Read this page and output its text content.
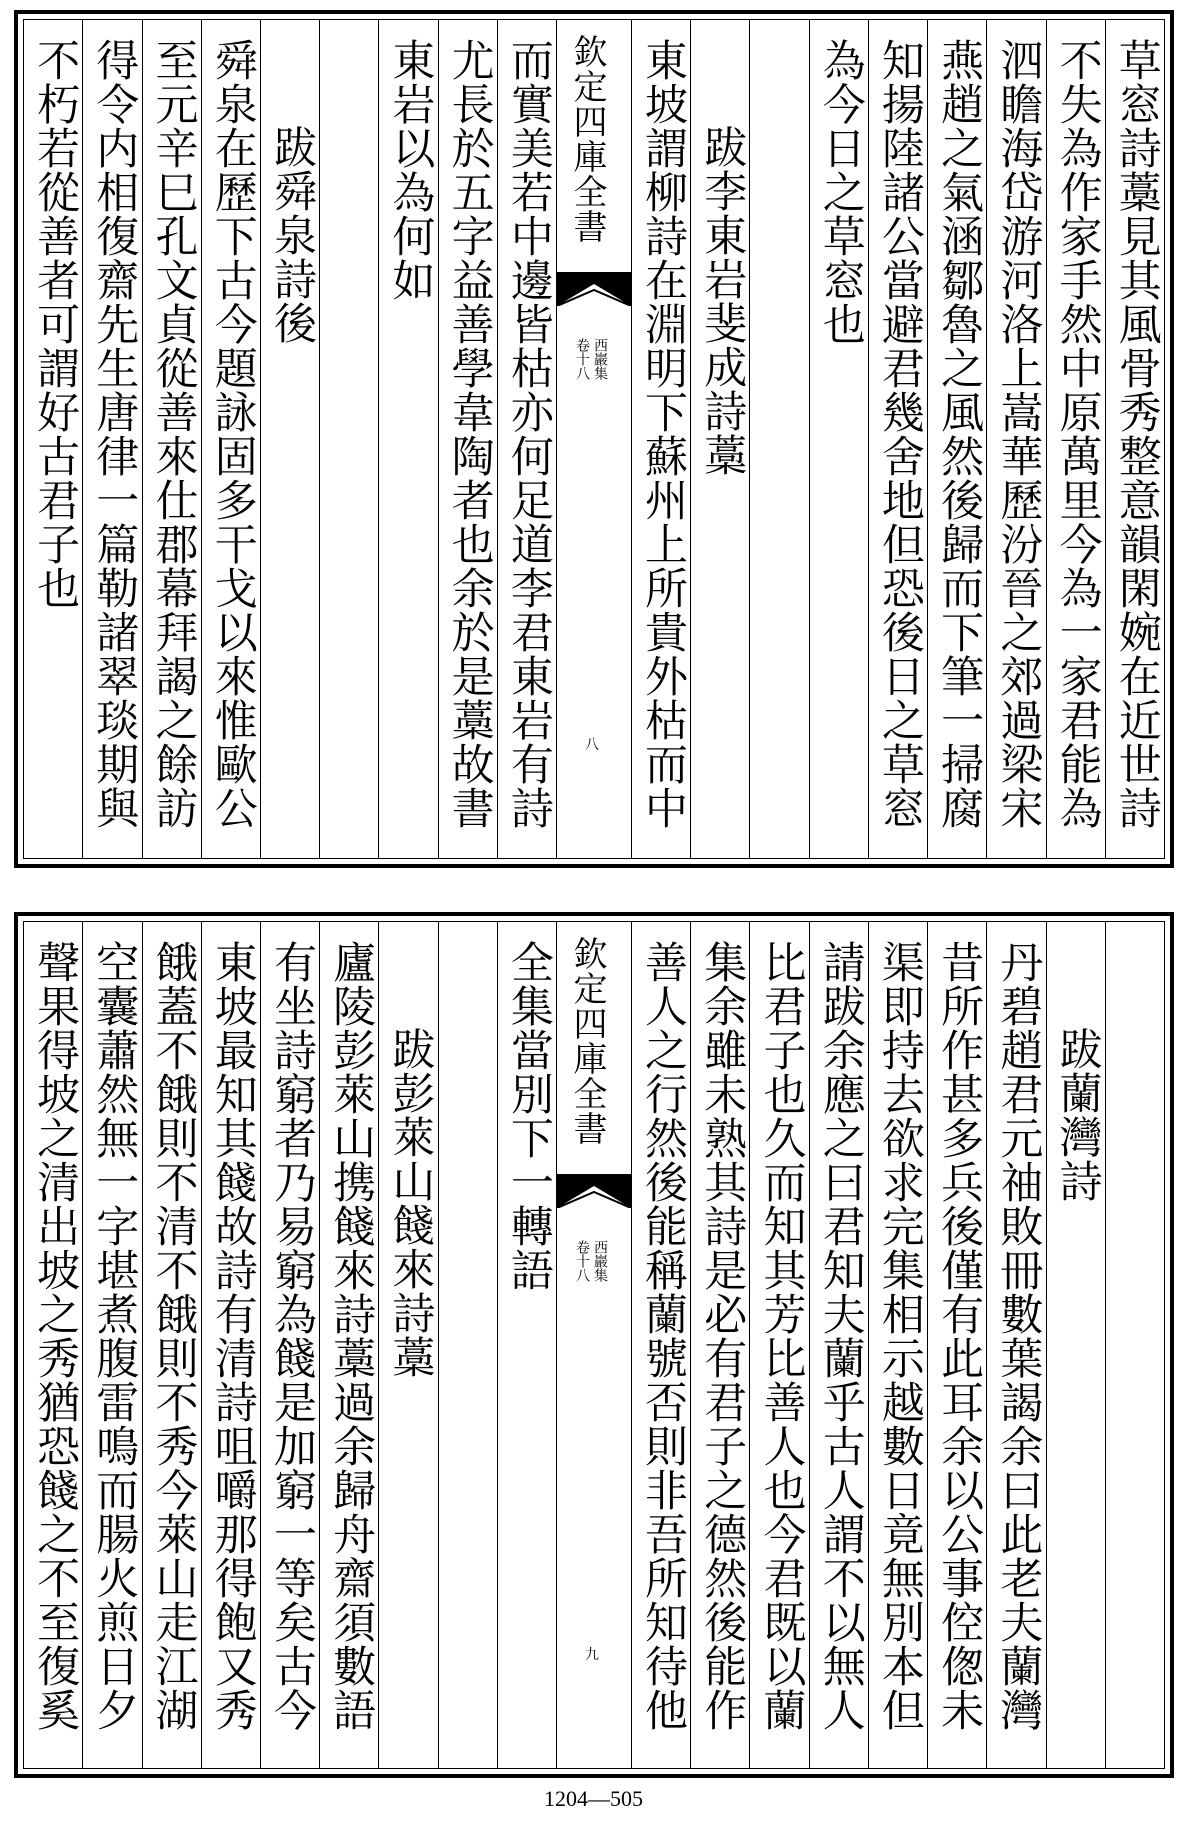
草窓詩藁見其風骨秀整意韻閑婉在近世詩
不失為作家手然中原萬里今為一家君能為
泗瞻海岱游河洛上嵩華歷汾晉之郊過梁宋
燕趙之氣涵鄒魯之風然後歸而下筆一掃腐
知揚陸諸公當避君幾舍地但恐後日之草窓
為今日之草窓也
跋李東岩斐成詩藁
東坡謂柳詩在淵明下蘇州上所貴外枯而中
欽定四庫全書
西巖集
卷十八
八
而實美若中邊皆枯亦何足道李君東岩有詩
尤長於五字益善學韋陶者也余於是藁故書
東岩以為何如
跋舜泉詩後
舜泉在歷下古今題詠固多干戈以來惟歐公
至元辛巳孔文貞從善來仕郡幕拜謁之餘訪
得令内相復齋先生唐律一篇勒諸翠琰期與
不朽若從善者可謂好古君子也
跋蘭灣詩
丹碧趙君元䄂敗冊數葉謁余曰此老夫蘭灣
昔所作甚多兵後僅有此耳余以公事倥偬未
渠即持去欲求完集相示越數日竟無別本但
請跋余應之曰君知夫蘭乎古人謂不以無人
比君子也久而知其芳比善人也今君既以蘭
集余雖未熟其詩是必有君子之德然後能作
善人之行然後能稱蘭號否則非吾所知待他
欽定四庫全書
西巖集
卷十八
九
全集當別下一轉語
跋彭萊山餞來詩藁
廬陵彭萊山携餞來詩藁過余歸舟齋須數語
有坐詩窮者乃易窮為餞是加窮一等矣古今
東坡最知其餞故詩有清詩咀嚼那得飽又秀
餓蓋不餓則不清不餓則不秀今萊山走江湖
空囊蕭然無一字堪煮腹雷鳴而腸火煎日夕
聲果得坡之清出坡之秀猶恐餞之不至復奚
1204—505
